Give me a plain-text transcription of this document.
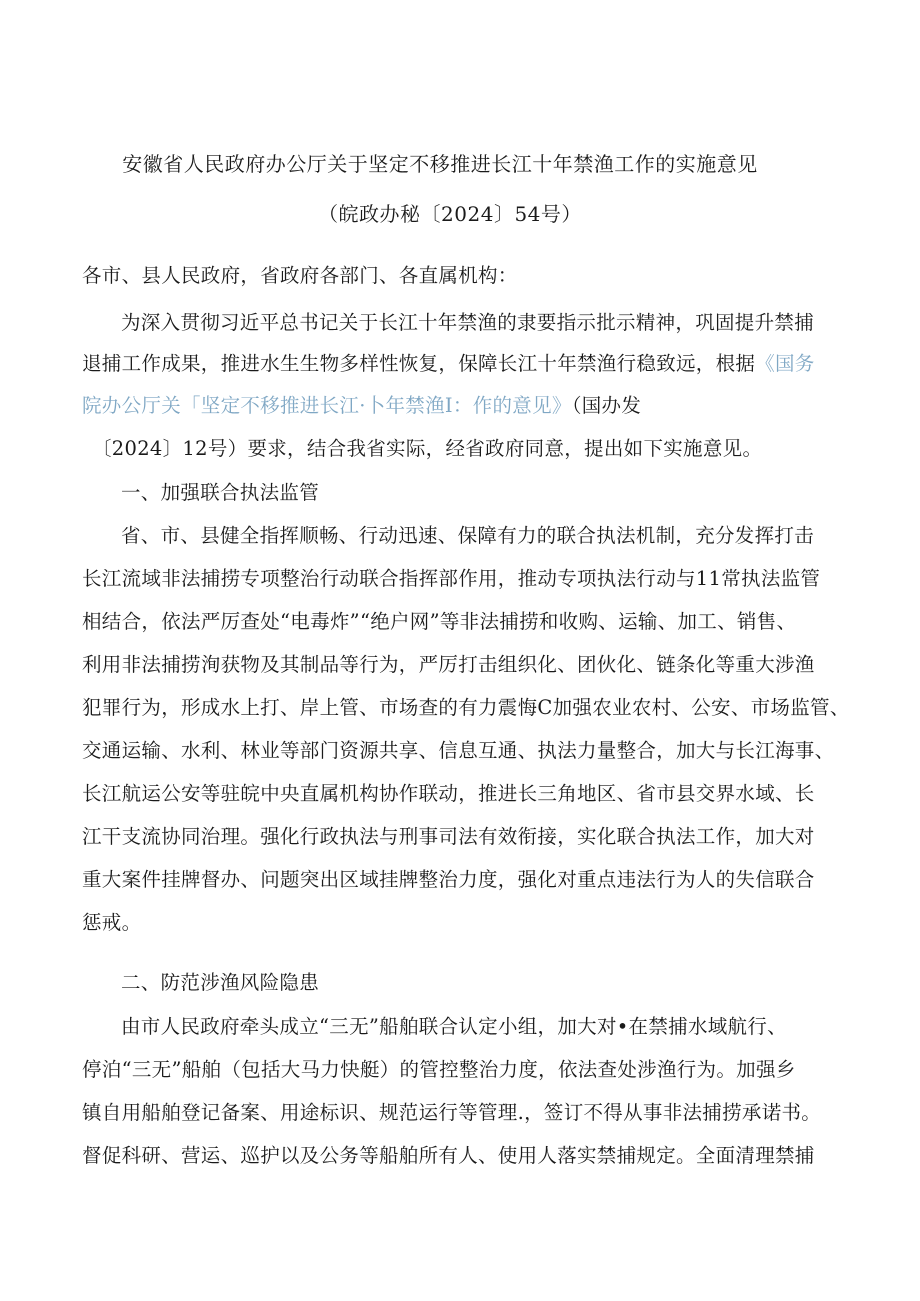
安徽省人民政府办公厅关于坚定不移推进长江十年禁渔工作的实施意见
（皖政办秘〔2024〕54号）
各市、县人民政府，省政府各部门、各直属机构：
为深入贯彻习近平总书记关于长江十年禁渔的隶要指示批示精神，巩固提升禁捕
退捕工作成果，推进水生生物多样性恢复，保障长江十年禁渔行稳致远，根据《国务
院办公厅关「坚定不移推进长江·卜年禁渔I：作的意见》（国办发
〔2024〕12号）要求，结合我省实际，经省政府同意，提出如下实施意见。
一、加强联合执法监管
省、市、县健全指挥顺畅、行动迅速、保障有力的联合执法机制，充分发挥打击
长江流域非法捕捞专项整治行动联合指挥部作用，推动专项执法行动与11常执法监管
相结合，依法严厉查处“电毒炸”“绝户网”等非法捕捞和收购、运输、加工、销售、
利用非法捕捞洵获物及其制品等行为，严厉打击组织化、团伙化、链条化等重大涉渔
犯罪行为，形成水上打、岸上管、市场查的有力震悔C加强农业农村、公安、市场监管、
交通运输、水利、林业等部门资源共享、信息互通、执法力量整合，加大与长江海事、
长江航运公安等驻皖中央直属机构协作联动，推进长三角地区、省市县交界水域、长
江干支流协同治理。强化行政执法与刑事司法有效衔接，实化联合执法工作，加大对
重大案件挂牌督办、问题突出区域挂牌整治力度，强化对重点违法行为人的失信联合
惩戒。
二、防范涉渔风险隐患
由市人民政府牵头成立“三无”船舶联合认定小组，加大对•在禁捕水域航行、
停泊“三无”船舶（包括大马力快艇）的管控整治力度，依法查处涉渔行为。加强乡
镇自用船舶登记备案、用途标识、规范运行等管理.，签订不得从事非法捕捞承诺书。
督促科研、营运、巡护以及公务等船舶所有人、使用人落实禁捕规定。全面清理禁捕
